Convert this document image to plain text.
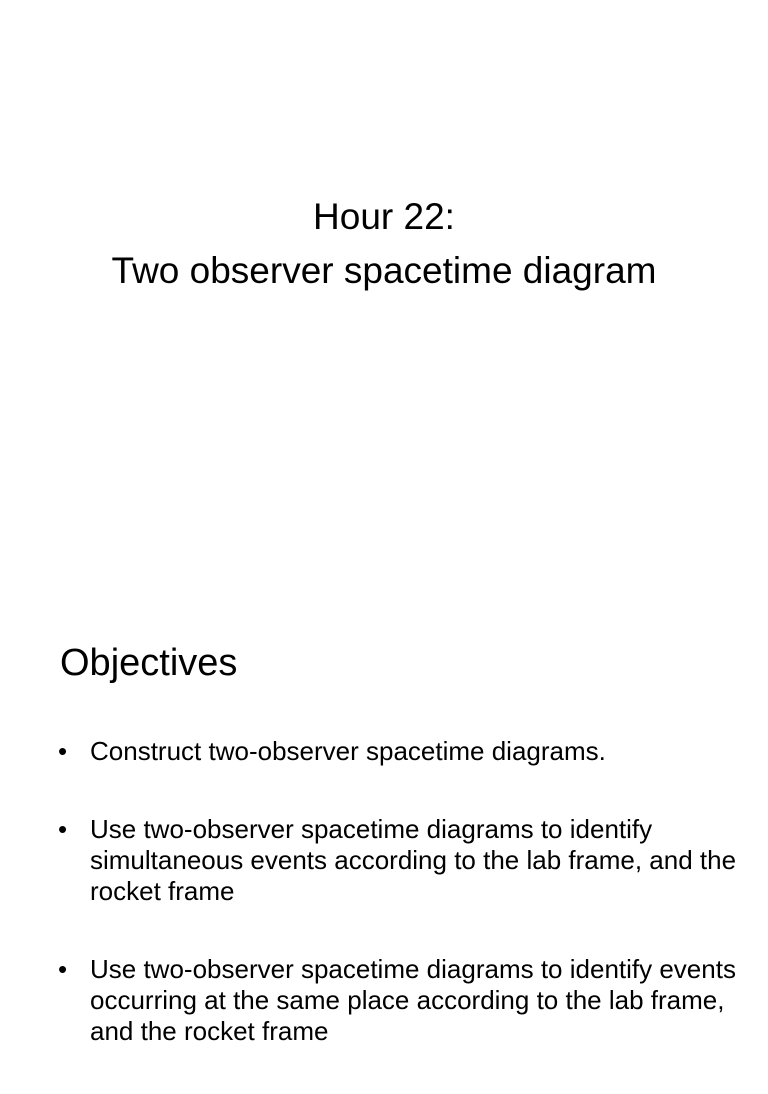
Hour 22:
Two observer spacetime diagram
Objectives
• Construct two-observer spacetime diagrams.
• Use two-observer spacetime diagrams to identify simultaneous events according to the lab frame, and the rocket frame
• Use two-observer spacetime diagrams to identify events occurring at the same place according to the lab frame, and the rocket frame
